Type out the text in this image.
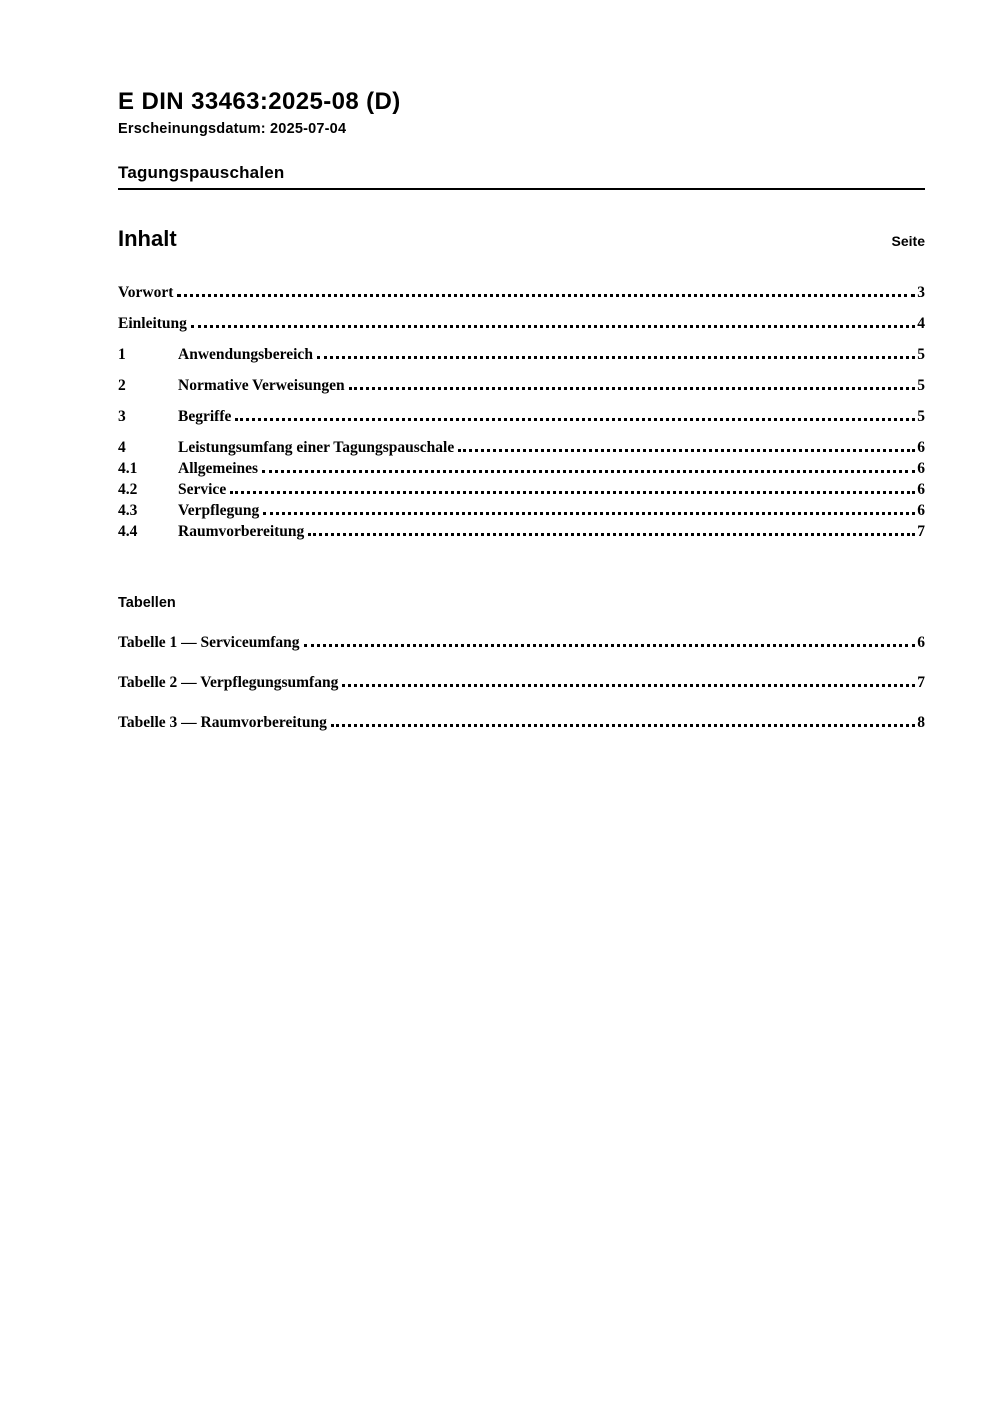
E DIN 33463:2025-08 (D)
Erscheinungsdatum: 2025-07-04
Tagungspauschalen
Inhalt	Seite
Vorwort	3
Einleitung	4
1	Anwendungsbereich	5
2	Normative Verweisungen	5
3	Begriffe	5
4	Leistungsumfang einer Tagungspauschale	6
4.1	Allgemeines	6
4.2	Service	6
4.3	Verpflegung	6
4.4	Raumvorbereitung	7
Tabellen
Tabelle 1 — Serviceumfang	6
Tabelle 2 — Verpflegungsumfang	7
Tabelle 3 — Raumvorbereitung	8
